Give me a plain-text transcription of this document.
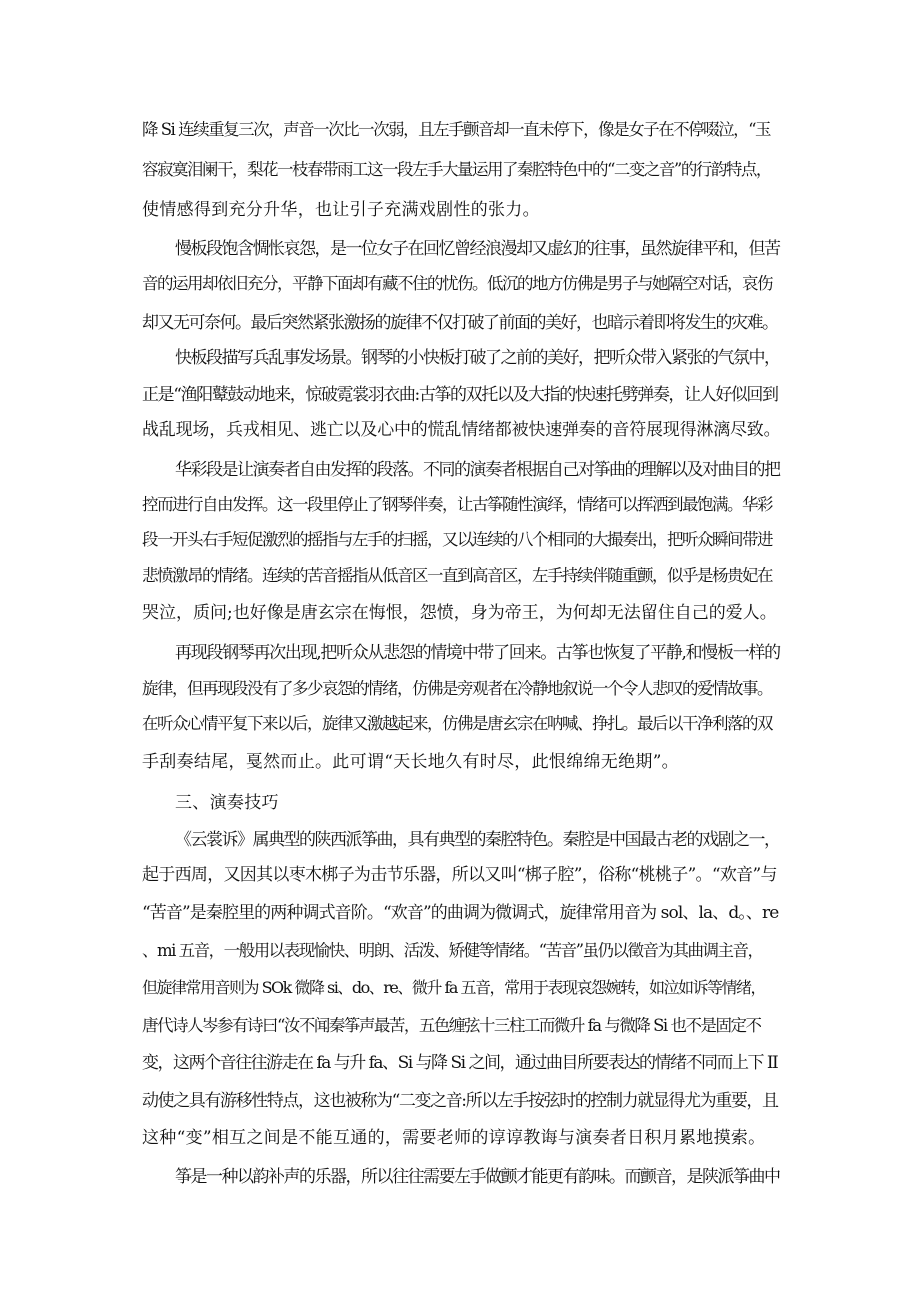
降 Si 连续重复三次，声音一次比一次弱，且左手颤音却一直未停下，像是女子在不停啜泣，“玉
容寂寞泪阑干，梨花一枝春带雨工这一段左手大量运用了秦腔特色中的“二变之音”的行韵特点，
使情感得到充分升华，也让引子充满戏剧性的张力。
慢板段饱含惆怅哀怨，是一位女子在回忆曾经浪漫却又虚幻的往事，虽然旋律平和，但苦
音的运用却依旧充分，平静下面却有藏不住的忧伤。低沉的地方仿佛是男子与她隔空对话，哀伤
却又无可奈何。最后突然紧张激扬的旋律不仅打破了前面的美好，也暗示着即将发生的灾难。
快板段描写兵乱事发场景。钢琴的小快板打破了之前的美好，把听众带入紧张的气氛中，
正是“渔阳鼙鼓动地来，惊破霓裳羽衣曲:古筝的双托以及大指的快速托劈弹奏，让人好似回到
战乱现场，兵戎相见、逃亡以及心中的慌乱情绪都被快速弹奏的音符展现得淋漓尽致。
华彩段是让演奏者自由发挥的段落。不同的演奏者根据自己对筝曲的理解以及对曲目的把
控而进行自由发挥。这一段里停止了钢琴伴奏，让古筝随性演绎，情绪可以挥洒到最饱满。华彩
段一开头右手短促激烈的摇指与左手的扫摇，又以连续的八个相同的大撮奏出，把听众瞬间带进
悲愤激昂的情绪。连续的苦音摇指从低音区一直到高音区，左手持续伴随重颤，似乎是杨贵妃在
哭泣，质问;也好像是唐玄宗在悔恨，怨愤，身为帝王，为何却无法留住自己的爱人。
再现段钢琴再次出现,把听众从悲怨的情境中带了回来。古筝也恢复了平静,和慢板一样的
旋律，但再现段没有了多少哀怨的情绪，仿佛是旁观者在冷静地叙说一个令人悲叹的爱情故事。
在听众心情平复下来以后，旋律又激越起来，仿佛是唐玄宗在呐喊、挣扎。最后以干净利落的双
手刮奏结尾，戛然而止。此可谓“天长地久有时尽，此恨绵绵无绝期”。
三、演奏技巧
《云裳诉》属典型的陕西派筝曲，具有典型的秦腔特色。秦腔是中国最古老的戏剧之一，
起于西周，又因其以枣木梆子为击节乐器，所以又叫“梆子腔”，俗称“桃桃子”。“欢音”与
“苦音”是秦腔里的两种调式音阶。“欢音”的曲调为微调式，旋律常用音为 sol、la、d。、re
、mi 五音，一般用以表现愉快、明朗、活泼、矫健等情绪。“苦音”虽仍以徵音为其曲调主音，
但旋律常用音则为 SOk 微降 si、do、re、微升 fa 五音，常用于表现哀怨婉转，如泣如诉等情绪，
唐代诗人岑参有诗曰“汝不闻秦筝声最苦，五色缠弦十三柱工而微升 fa 与微降 Si 也不是固定不
变，这两个音往往游走在 fa 与升 fa、Si 与降 Si 之间，通过曲目所要表达的情绪不同而上下 II
动使之具有游移性特点，这也被称为“二变之音:所以左手按弦时的控制力就显得尤为重要，且
这种“变”相互之间是不能互通的，需要老师的谆谆教诲与演奏者日积月累地摸索。
筝是一种以韵补声的乐器，所以往往需要左手做颤才能更有韵味。而颤音，是陕派筝曲中
